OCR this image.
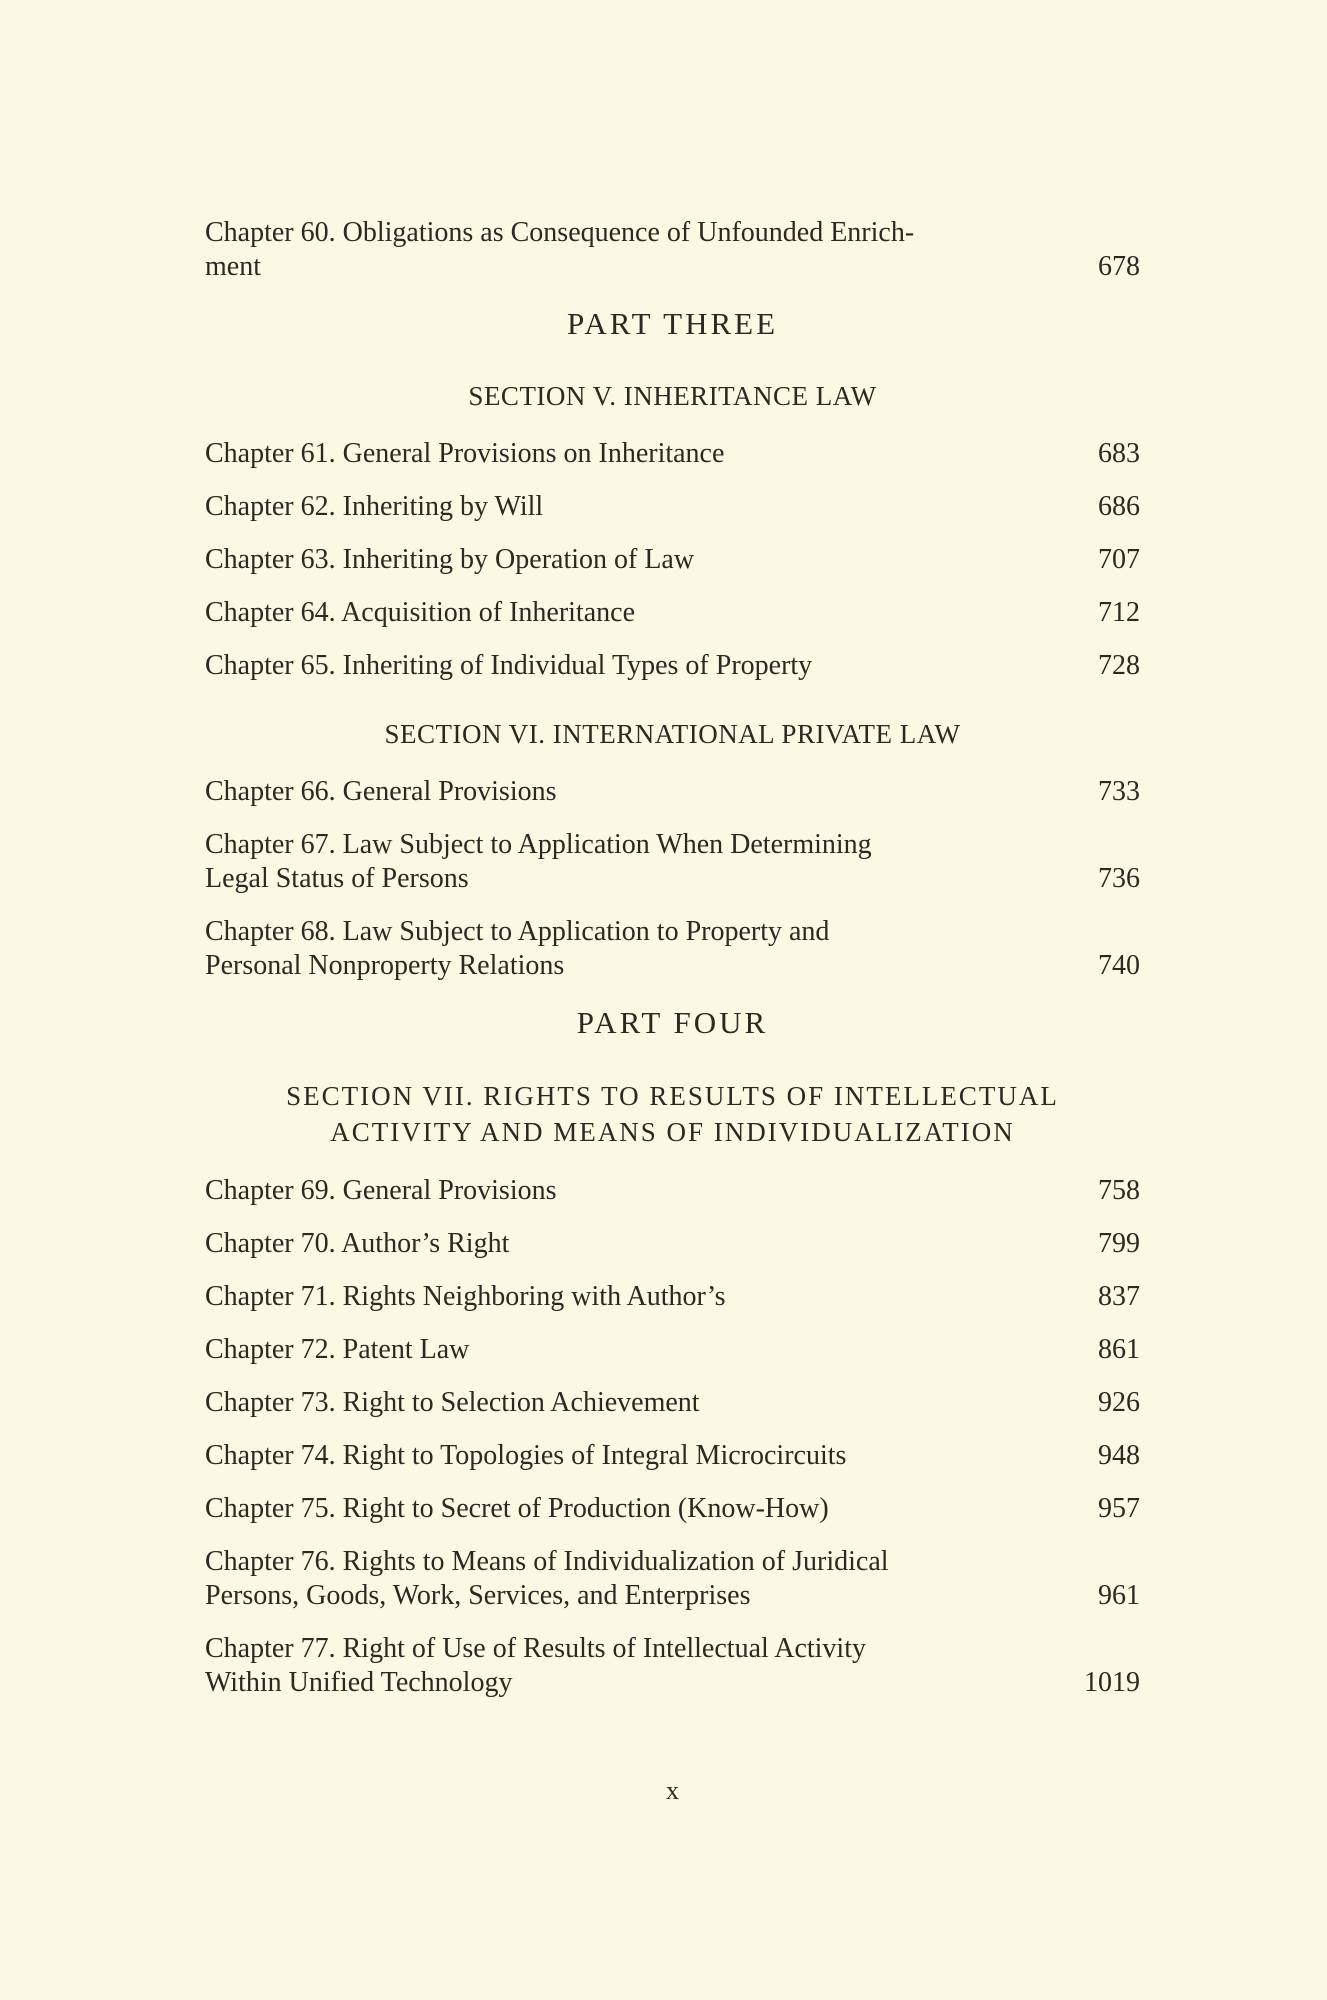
Chapter 60. Obligations as Consequence of Unfounded Enrich-
ment	678
PART THREE
SECTION V. INHERITANCE LAW
Chapter 61. General Provisions on Inheritance	683
Chapter 62. Inheriting by Will	686
Chapter 63. Inheriting by Operation of Law	707
Chapter 64. Acquisition of Inheritance	712
Chapter 65. Inheriting of Individual Types of Property	728
SECTION VI. INTERNATIONAL PRIVATE LAW
Chapter 66. General Provisions	733
Chapter 67. Law Subject to Application When Determining
Legal Status of Persons	736
Chapter 68. Law Subject to Application to Property and
Personal Nonproperty Relations	740
PART FOUR
SECTION VII. RIGHTS TO RESULTS OF INTELLECTUAL
ACTIVITY AND MEANS OF INDIVIDUALIZATION
Chapter 69. General Provisions	758
Chapter 70. Author’s Right	799
Chapter 71. Rights Neighboring with Author’s	837
Chapter 72. Patent Law	861
Chapter 73. Right to Selection Achievement	926
Chapter 74. Right to Topologies of Integral Microcircuits	948
Chapter 75. Right to Secret of Production (Know-How)	957
Chapter 76. Rights to Means of Individualization of Juridical
Persons, Goods, Work, Services, and Enterprises	961
Chapter 77. Right of Use of Results of Intellectual Activity
Within Unified Technology	1019
x
